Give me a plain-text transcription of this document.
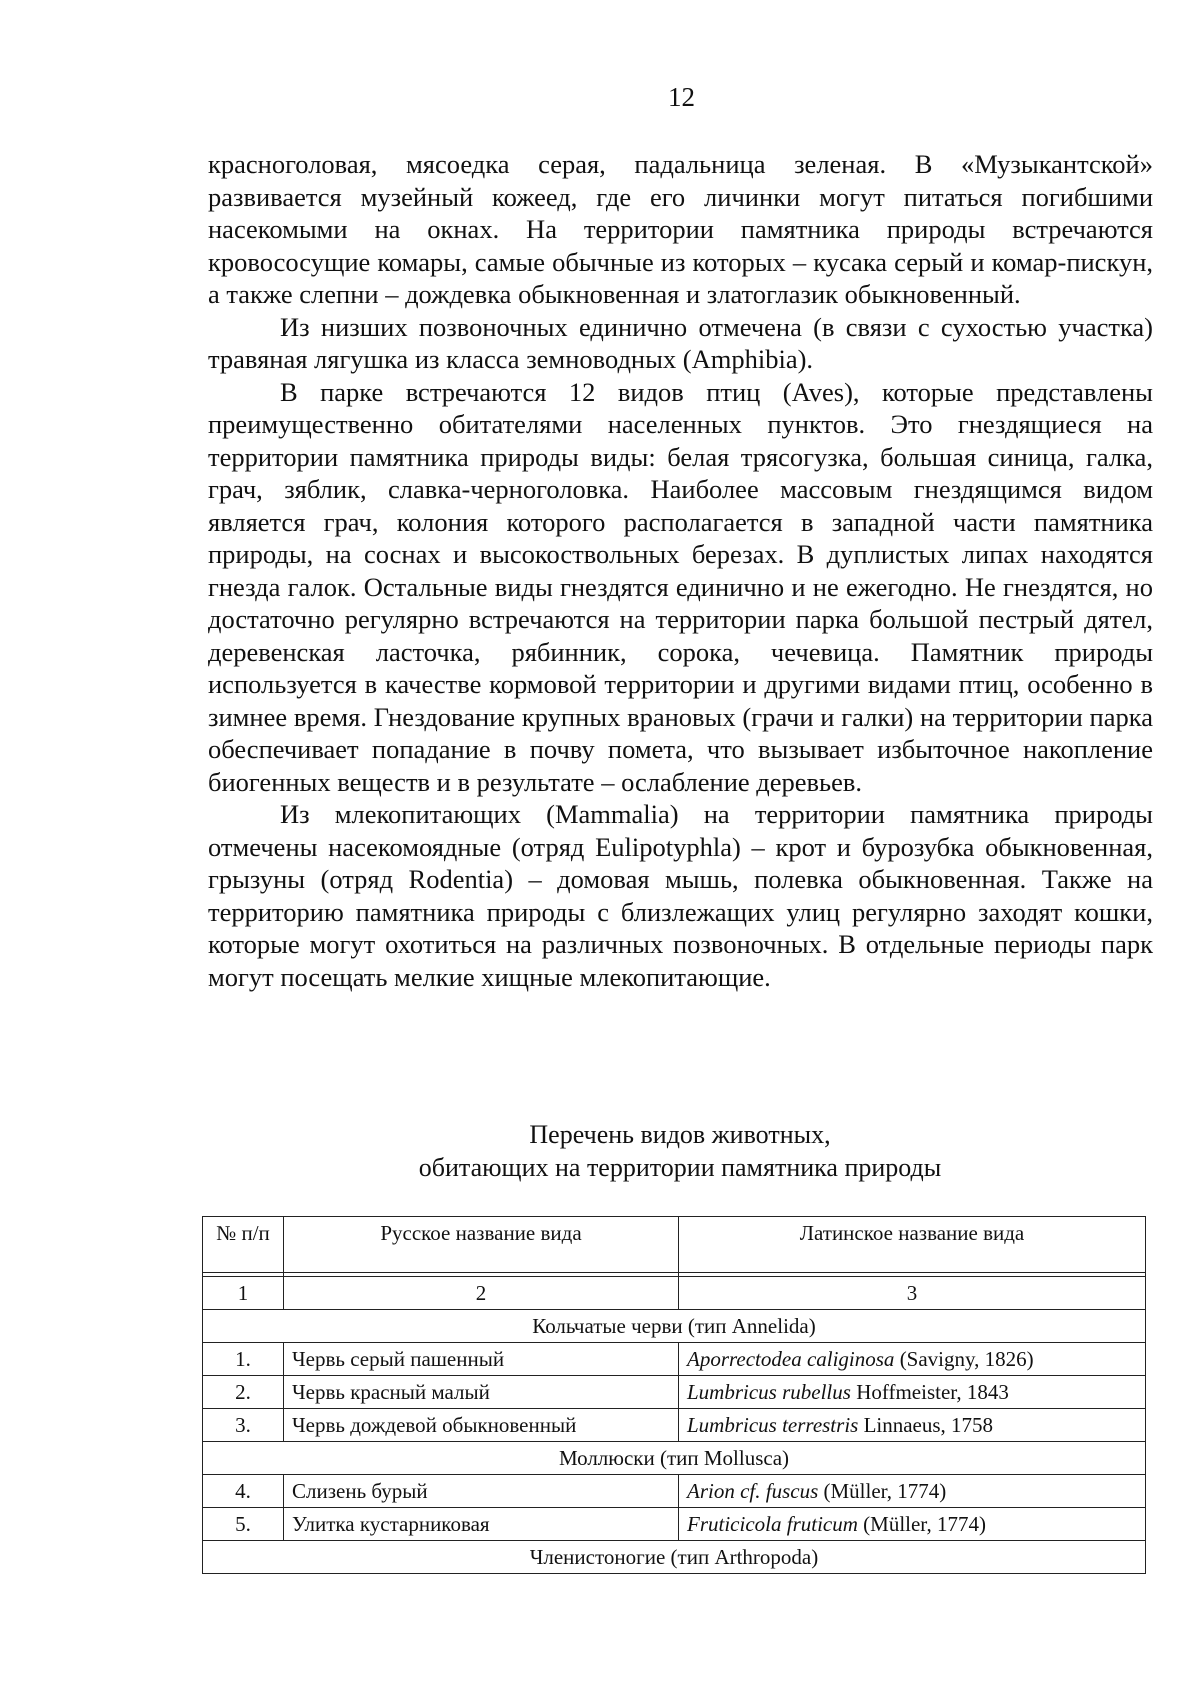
12

красноголовая, мясоедка серая, падальница зеленая. В «Музыкантской» развивается музейный кожеед, где его личинки могут питаться погибшими насекомыми на окнах. На территории памятника природы встречаются кровососущие комары, самые обычные из которых – кусака серый и комар-пискун, а также слепни – дождевка обыкновенная и златоглазик обыкновенный.

Из низших позвоночных единично отмечена (в связи с сухостью участка) травяная лягушка из класса земноводных (Amphibia).

В парке встречаются 12 видов птиц (Aves), которые представлены преимущественно обитателями населенных пунктов. Это гнездящиеся на территории памятника природы виды: белая трясогузка, большая синица, галка, грач, зяблик, славка-черноголовка. Наиболее массовым гнездящимся видом является грач, колония которого располагается в западной части памятника природы, на соснах и высокоствольных березах. В дуплистых липах находятся гнезда галок. Остальные виды гнездятся единично и не ежегодно. Не гнездятся, но достаточно регулярно встречаются на территории парка большой пестрый дятел, деревенская ласточка, рябинник, сорока, чечевица. Памятник природы используется в качестве кормовой территории и другими видами птиц, особенно в зимнее время. Гнездование крупных врановых (грачи и галки) на территории парка обеспечивает попадание в почву помета, что вызывает избыточное накопление биогенных веществ и в результате – ослабление деревьев.

Из млекопитающих (Mammalia) на территории памятника природы отмечены насекомоядные (отряд Eulipotyphla) – крот и бурозубка обыкновенная, грызуны (отряд Rodentia) – домовая мышь, полевка обыкновенная. Также на территорию памятника природы с близлежащих улиц регулярно заходят кошки, которые могут охотиться на различных позвоночных. В отдельные периоды парк могут посещать мелкие хищные млекопитающие.

Перечень видов животных,
обитающих на территории памятника природы
№ п/п	Русское название вида	Латинское название вида

1	2	3
Кольчатые черви (тип Annelida)		
1.	Червь серый пашенный	Aporrectodea caliginosa (Savigny, 1826)
2.	Червь красный малый	Lumbricus rubellus Hoffmeister, 1843
3.	Червь дождевой обыкновенный	Lumbricus terrestris Linnaeus, 1758
Моллюски (тип Mollusca)		
4.	Слизень бурый	Arion cf. fuscus (Müller, 1774)
5.	Улитка кустарниковая	Fruticicola fruticum (Müller, 1774)
Членистоногие (тип Arthropoda)		
